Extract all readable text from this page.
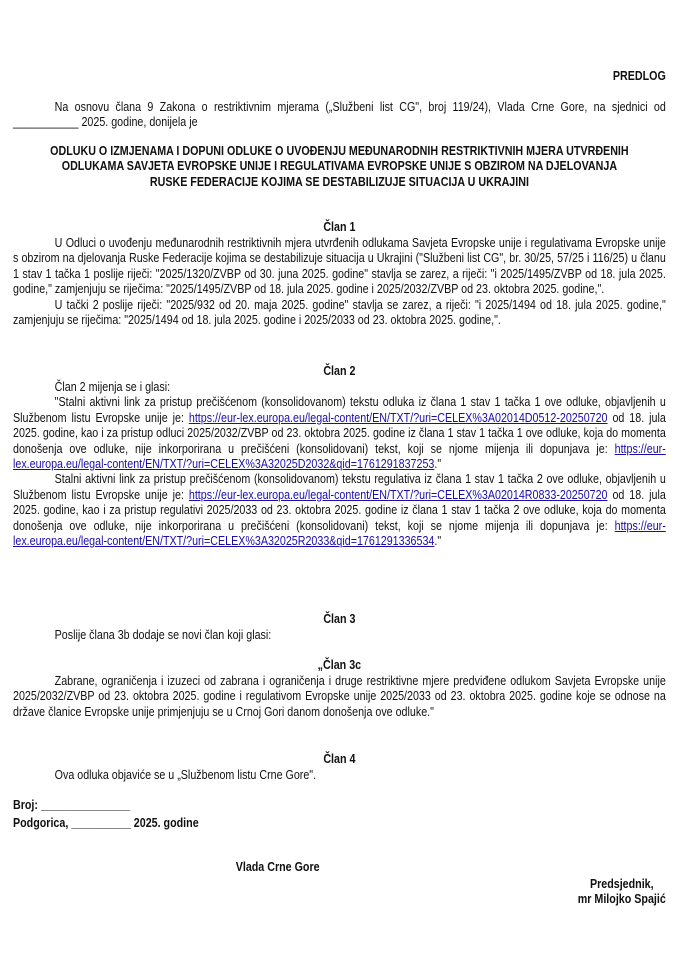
PREDLOG
Na osnovu člana 9 Zakona o restriktivnim mjerama („Službeni list CG", broj 119/24), Vlada Crne Gore, na sjednici od ___________ 2025. godine, donijela je
ODLUKU O IZMJENAMA I DOPUNI ODLUKE O UVOĐENJU MEĐUNARODNIH RESTRIKTIVNIH MJERA UTVRĐENIH ODLUKAMA SAVJETA EVROPSKE UNIJE I REGULATIVAMA EVROPSKE UNIJE S OBZIROM NA DJELOVANJA RUSKE FEDERACIJE KOJIMA SE DESTABILIZUJE SITUACIJA U UKRAJINI
Član 1

U Odluci o uvođenju međunarodnih restriktivnih mjera utvrđenih odlukama Savjeta Evropske unije i regulativama Evropske unije s obzirom na djelovanja Ruske Federacije kojima se destabilizuje situacija u Ukrajini ("Službeni list CG", br. 30/25, 57/25 i 116/25) u članu 1 stav 1 tačka 1 poslije riječi: "2025/1320/ZVBP od 30. juna 2025. godine" stavlja se zarez, a riječi: "i 2025/1495/ZVBP od 18. jula 2025. godine," zamjenjuju se riječima: "2025/1495/ZVBP od 18. jula 2025. godine i 2025/2032/ZVBP od 23. oktobra 2025. godine,".

U tački 2 poslije riječi: "2025/932 od 20. maja 2025. godine" stavlja se zarez, a riječi: "i 2025/1494 od 18. jula 2025. godine," zamjenjuju se riječima: "2025/1494 od 18. jula 2025. godine i 2025/2033 od 23. oktobra 2025. godine,".

Član 2

Član 2 mijenja se i glasi:

"Stalni aktivni link za pristup prečišćenom (konsolidovanom) tekstu odluka iz člana 1 stav 1 tačka 1 ove odluke, objavljenih u Službenom listu Evropske unije je: https://eur-lex.europa.eu/legal-content/EN/TXT/?uri=CELEX%3A02014D0512-20250720 od 18. jula 2025. godine, kao i za pristup odluci 2025/2032/ZVBP od 23. oktobra 2025. godine iz člana 1 stav 1 tačka 1 ove odluke, koja do momenta donošenja ove odluke, nije inkorporirana u prečišćeni (konsolidovani) tekst, koji se njome mijenja ili dopunjava je: https://eur-lex.europa.eu/legal-content/EN/TXT/?uri=CELEX%3A32025D2032&qid=1761291837253."

Stalni aktivni link za pristup prečišćenom (konsolidovanom) tekstu regulativa iz člana 1 stav 1 tačka 2 ove odluke, objavljenih u Službenom listu Evropske unije je: https://eur-lex.europa.eu/legal-content/EN/TXT/?uri=CELEX%3A02014R0833-20250720 od 18. jula 2025. godine, kao i za pristup regulativi 2025/2033 od 23. oktobra 2025. godine iz člana 1 stav 1 tačka 2 ove odluke, koja do momenta donošenja ove odluke, nije inkorporirana u prečišćeni (konsolidovani) tekst, koji se njome mijenja ili dopunjava je: https://eur-lex.europa.eu/legal-content/EN/TXT/?uri=CELEX%3A32025R2033&qid=1761291336534."

Član 3
Poslije člana 3b dodaje se novi član koji glasi:
„Član 3c
Zabrane, ograničenja i izuzeci od zabrana i ograničenja i druge restriktivne mjere predviđene odlukom Savjeta Evropske unije 2025/2032/ZVBP od 23. oktobra 2025. godine i regulativom Evropske unije 2025/2033 od 23. oktobra 2025. godine koje se odnose na države članice Evropske unije primjenjuju se u Crnoj Gori danom donošenja ove odluke."
Član 4
Ova odluka objaviće se u „Službenom listu Crne Gore".
Broj: _______________
Podgorica, __________ 2025. godine
Vlada Crne Gore
Predsjednik,
mr Milojko Spajić
